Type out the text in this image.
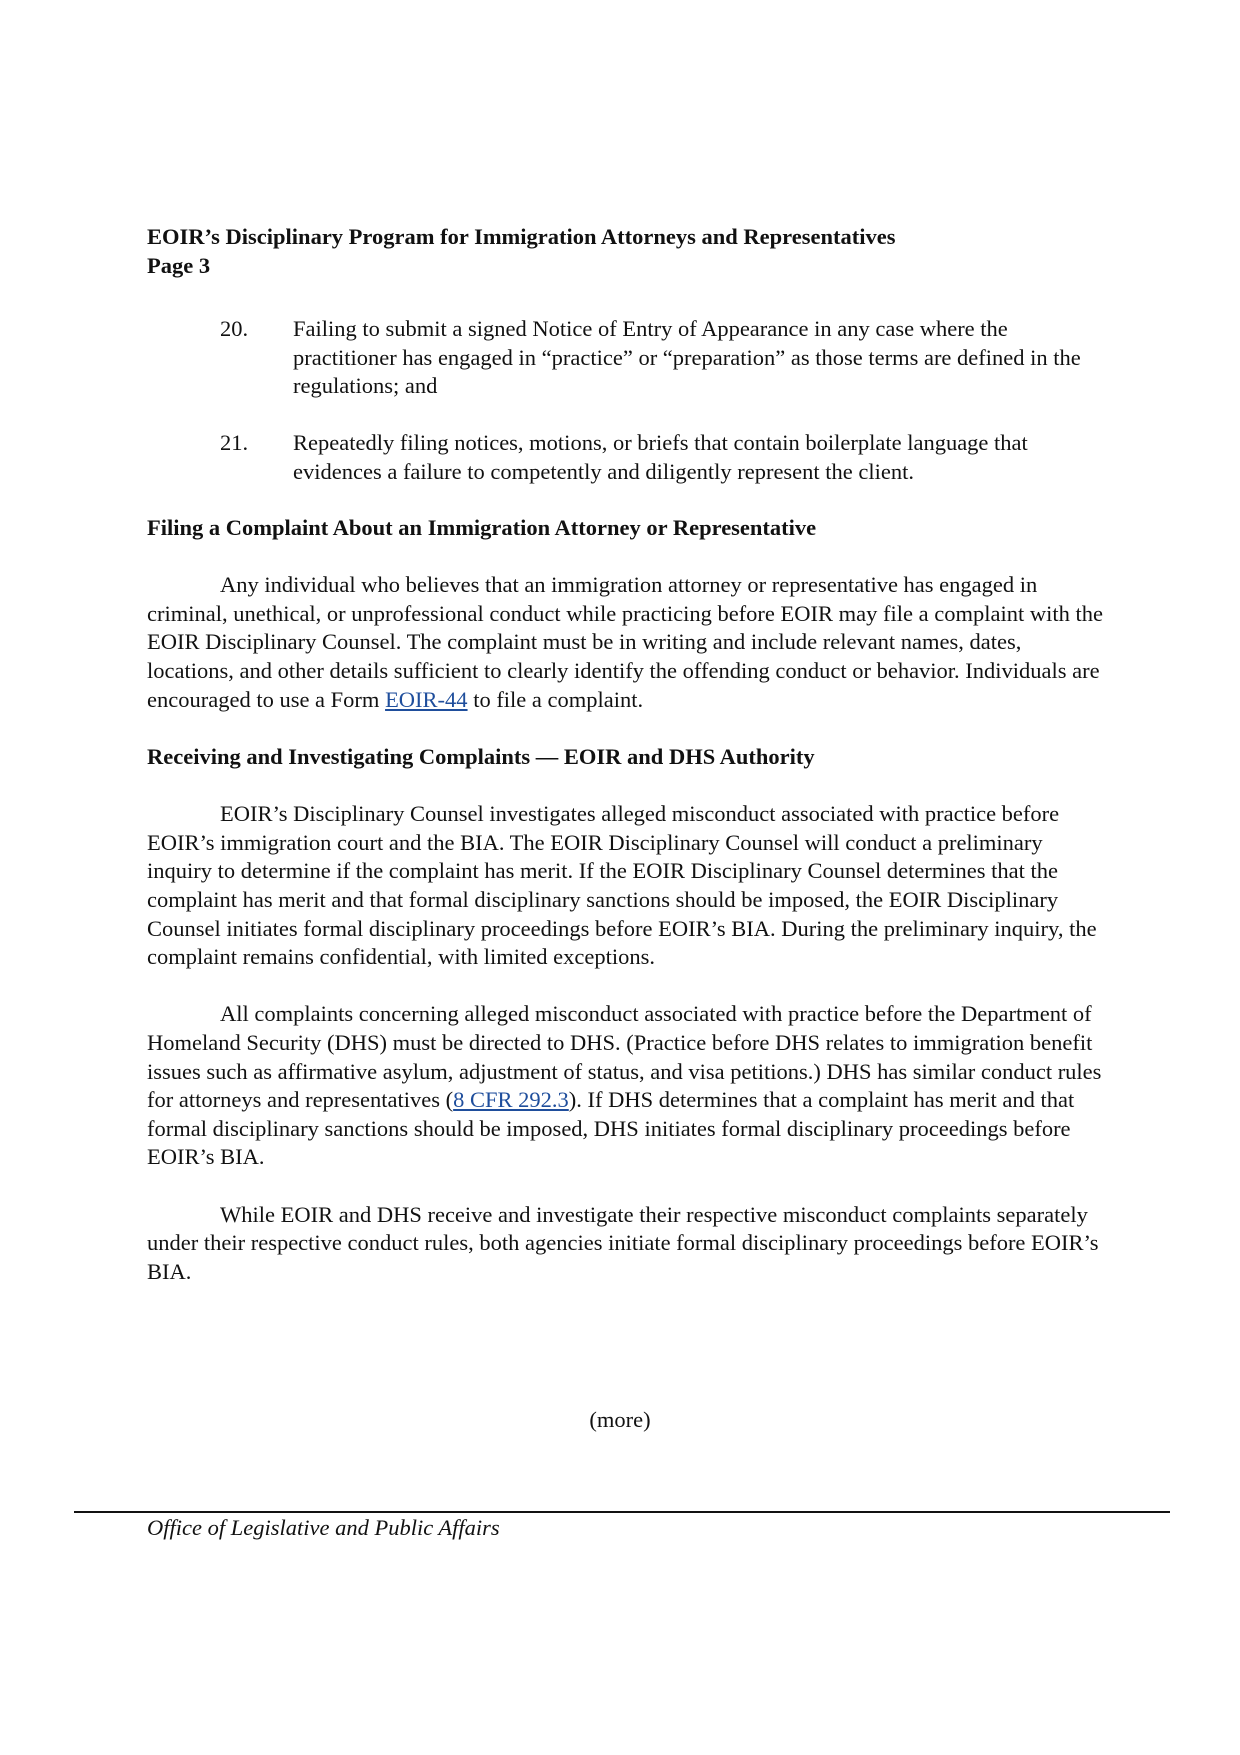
EOIR’s Disciplinary Program for Immigration Attorneys and Representatives
Page 3
20. Failing to submit a signed Notice of Entry of Appearance in any case where the practitioner has engaged in “practice” or “preparation” as those terms are defined in the regulations; and
21. Repeatedly filing notices, motions, or briefs that contain boilerplate language that evidences a failure to competently and diligently represent the client.
Filing a Complaint About an Immigration Attorney or Representative
Any individual who believes that an immigration attorney or representative has engaged in criminal, unethical, or unprofessional conduct while practicing before EOIR may file a complaint with the EOIR Disciplinary Counsel. The complaint must be in writing and include relevant names, dates, locations, and other details sufficient to clearly identify the offending conduct or behavior. Individuals are encouraged to use a Form EOIR-44 to file a complaint.
Receiving and Investigating Complaints — EOIR and DHS Authority
EOIR’s Disciplinary Counsel investigates alleged misconduct associated with practice before EOIR’s immigration court and the BIA. The EOIR Disciplinary Counsel will conduct a preliminary inquiry to determine if the complaint has merit. If the EOIR Disciplinary Counsel determines that the complaint has merit and that formal disciplinary sanctions should be imposed, the EOIR Disciplinary Counsel initiates formal disciplinary proceedings before EOIR’s BIA. During the preliminary inquiry, the complaint remains confidential, with limited exceptions.
All complaints concerning alleged misconduct associated with practice before the Department of Homeland Security (DHS) must be directed to DHS. (Practice before DHS relates to immigration benefit issues such as affirmative asylum, adjustment of status, and visa petitions.) DHS has similar conduct rules for attorneys and representatives (8 CFR 292.3). If DHS determines that a complaint has merit and that formal disciplinary sanctions should be imposed, DHS initiates formal disciplinary proceedings before EOIR’s BIA.
While EOIR and DHS receive and investigate their respective misconduct complaints separately under their respective conduct rules, both agencies initiate formal disciplinary proceedings before EOIR’s BIA.
(more)
Office of Legislative and Public Affairs
